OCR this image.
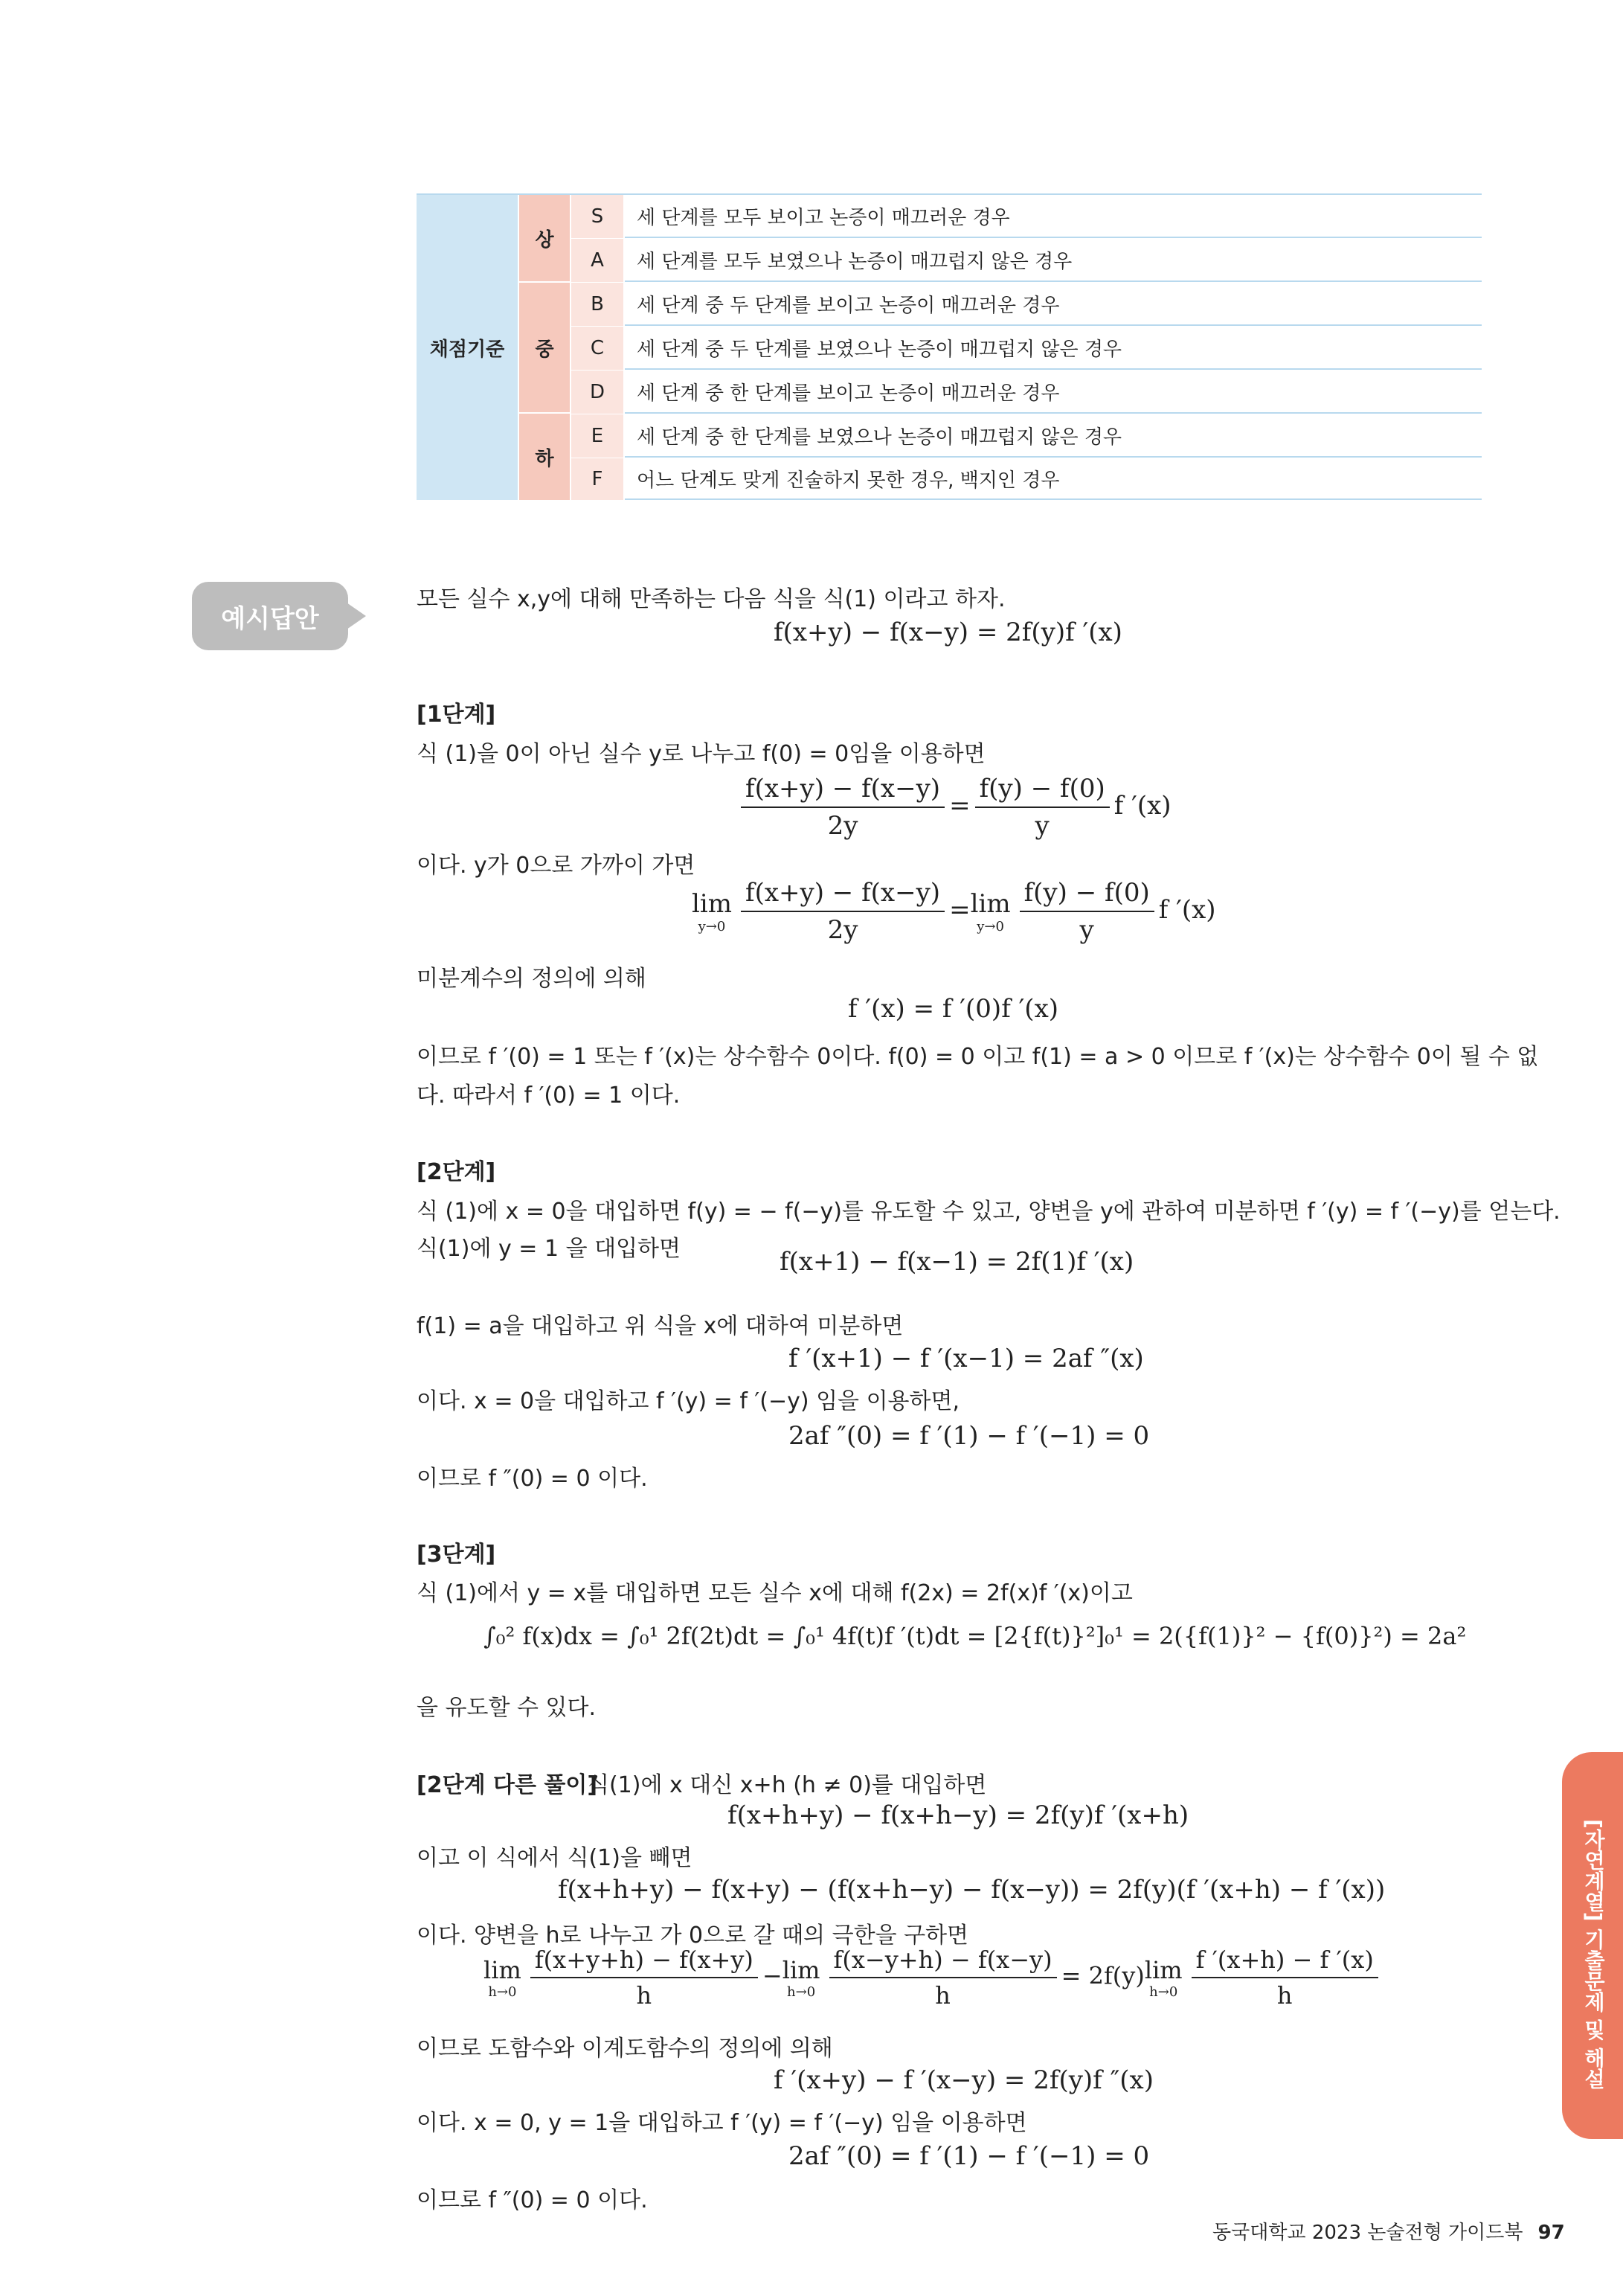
채점기준
상
중
하
S	세 단계를 모두 보이고 논증이 매끄러운 경우
A	세 단계를 모두 보였으나 논증이 매끄럽지 않은 경우
B	세 단계 중 두 단계를 보이고 논증이 매끄러운 경우
C	세 단계 중 두 단계를 보였으나 논증이 매끄럽지 않은 경우
D	세 단계 중 한 단계를 보이고 논증이 매끄러운 경우
E	세 단계 중 한 단계를 보였으나 논증이 매끄럽지 않은 경우
F	어느 단계도 맞게 진술하지 못한 경우, 백지인 경우
예시답안
모든 실수 x,y에 대해 만족하는 다음 식을 식(1) 이라고 하자.
f(x+y) − f(x−y) = 2f(y)f ′(x)
[1단계]
식 (1)을 0이 아닌 실수 y로 나누고 f(0) = 0임을 이용하면
$\frac{f(x+y) - f(x-y)}{2y} = \frac{f(y) - f(0)}{y}$ f ′(x)
이다. y가 0으로 가까이 가면
lim
$y\to 0 \frac{f(x+y) - f(x-y)}{2y} = \lim$
$y\to 0 \frac{f(y) - f(0)}{y}$ f ′(x)
미분계수의 정의에 의해
f ′(x) = f ′(0)f ′(x)
이므로 f ′(0) = 1 또는 f ′(x)는 상수함수 0이다. f(0) = 0 이고 f(1) = a > 0 이므로 f ′(x)는 상수함수 0이 될 수 없
다. 따라서 f ′(0) = 1 이다.
[2단계]
식 (1)에 x = 0을 대입하면 f(y) = − f(−y)를 유도할 수 있고, 양변을 y에 관하여 미분하면 f ′(y) = f ′(−y)를 얻는다.
식(1)에 y = 1 을 대입하면	f(x+1) − f(x−1) = 2f(1)f ′(x)
f(1) = a을 대입하고 위 식을 x에 대하여 미분하면
f ′(x+1) − f ′(x−1) = 2af ″(x)
이다. x = 0을 대입하고 f ′(y) = f ′(−y) 임을 이용하면,
2af ″(0) = f ′(1) − f ′(−1) = 0
이므로 f ″(0) = 0 이다.
[3단계]
식 (1)에서 y = x를 대입하면 모든 실수 x에 대해 f(2x) = 2f(x)f ′(x)이고
∫₀² f(x)dx = ∫₀¹ 2f(2t)dt = ∫₀¹ 4f(t)f ′(t)dt = [2{f(t)}²]₀¹ = 2({f(1)}² − {f(0)}²) = 2a²
을 유도할 수 있다.
[2단계 다른 풀이]
식(1)에 x 대신 x+h (h ≠ 0)를 대입하면
f(x+h+y) − f(x+h−y) = 2f(y)f ′(x+h)
이고 이 식에서 식(1)을 빼면
f(x+h+y) − f(x+y) − (f(x+h−y) − f(x−y)) = 2f(y)(f ′(x+h) − f ′(x))
이다. 양변을 h로 나누고 가 0으로 갈 때의 극한을 구하면
lim
$h\to 0 \frac{f(x+y+h) - f(x+y)}{h} - \lim$
$h\to 0 \frac{f(x-y+h) - f(x-y)}{h} = 2f(y)$ lim
$h\to 0 \frac{f '(x+h) - f '(x)}{h}$
이므로 도함수와 이계도함수의 정의에 의해
f ′(x+y) − f ′(x−y) = 2f(y)f ″(x)
이다. x = 0, y = 1을 대입하고 f ′(y) = f ′(−y) 임을 이용하면
2af ″(0) = f ′(1) − f ′(−1) = 0
이므로 f ″(0) = 0 이다.
[자연계열] 기출문제 및 해설
동국대학교 2023 논술전형 가이드북 97
